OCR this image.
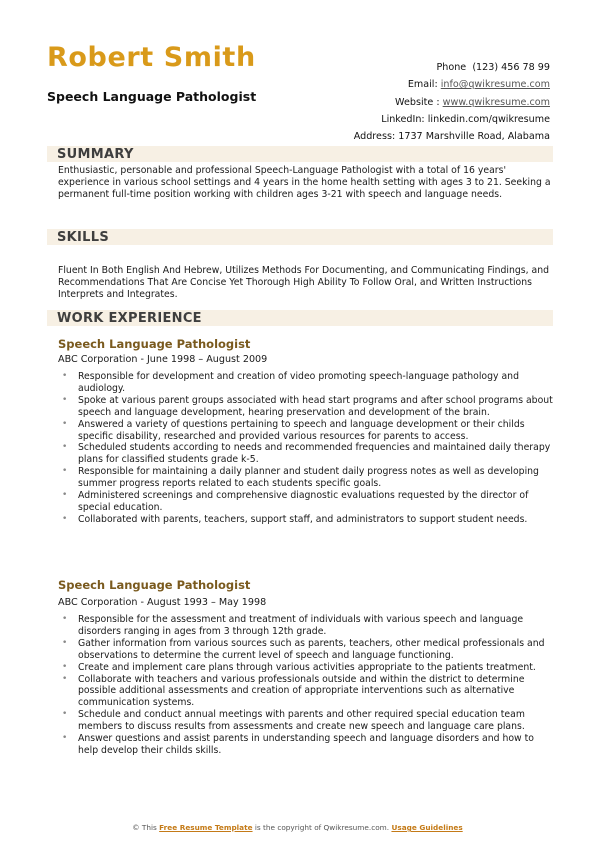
Robert Smith
Speech Language Pathologist
Phone (123) 456 78 99
Email: info@qwikresume.com
Website : www.qwikresume.com
LinkedIn: linkedin.com/qwikresume
Address: 1737 Marshville Road, Alabama
SUMMARY
Enthusiastic, personable and professional Speech-Language Pathologist with a total of 16 years' experience in various school settings and 4 years in the home health setting with ages 3 to 21. Seeking a permanent full-time position working with children ages 3-21 with speech and language needs.
SKILLS
Fluent In Both English And Hebrew, Utilizes Methods For Documenting, and Communicating Findings, and Recommendations That Are Concise Yet Thorough High Ability To Follow Oral, and Written Instructions Interprets and Integrates.
WORK EXPERIENCE
Speech Language Pathologist
ABC Corporation - June 1998 – August 2009
• Responsible for development and creation of video promoting speech-language pathology and audiology.
• Spoke at various parent groups associated with head start programs and after school programs about speech and language development, hearing preservation and development of the brain.
• Answered a variety of questions pertaining to speech and language development or their childs specific disability, researched and provided various resources for parents to access.
• Scheduled students according to needs and recommended frequencies and maintained daily therapy plans for classified students grade k-5.
• Responsible for maintaining a daily planner and student daily progress notes as well as developing summer progress reports related to each students specific goals.
• Administered screenings and comprehensive diagnostic evaluations requested by the director of special education.
• Collaborated with parents, teachers, support staff, and administrators to support student needs.
Speech Language Pathologist
ABC Corporation - August 1993 – May 1998
• Responsible for the assessment and treatment of individuals with various speech and language disorders ranging in ages from 3 through 12th grade.
• Gather information from various sources such as parents, teachers, other medical professionals and observations to determine the current level of speech and language functioning.
• Create and implement care plans through various activities appropriate to the patients treatment.
• Collaborate with teachers and various professionals outside and within the district to determine possible additional assessments and creation of appropriate interventions such as alternative communication systems.
• Schedule and conduct annual meetings with parents and other required special education team members to discuss results from assessments and create new speech and language care plans.
• Answer questions and assist parents in understanding speech and language disorders and how to help develop their childs skills.
© This Free Resume Template is the copyright of Qwikresume.com. Usage Guidelines
